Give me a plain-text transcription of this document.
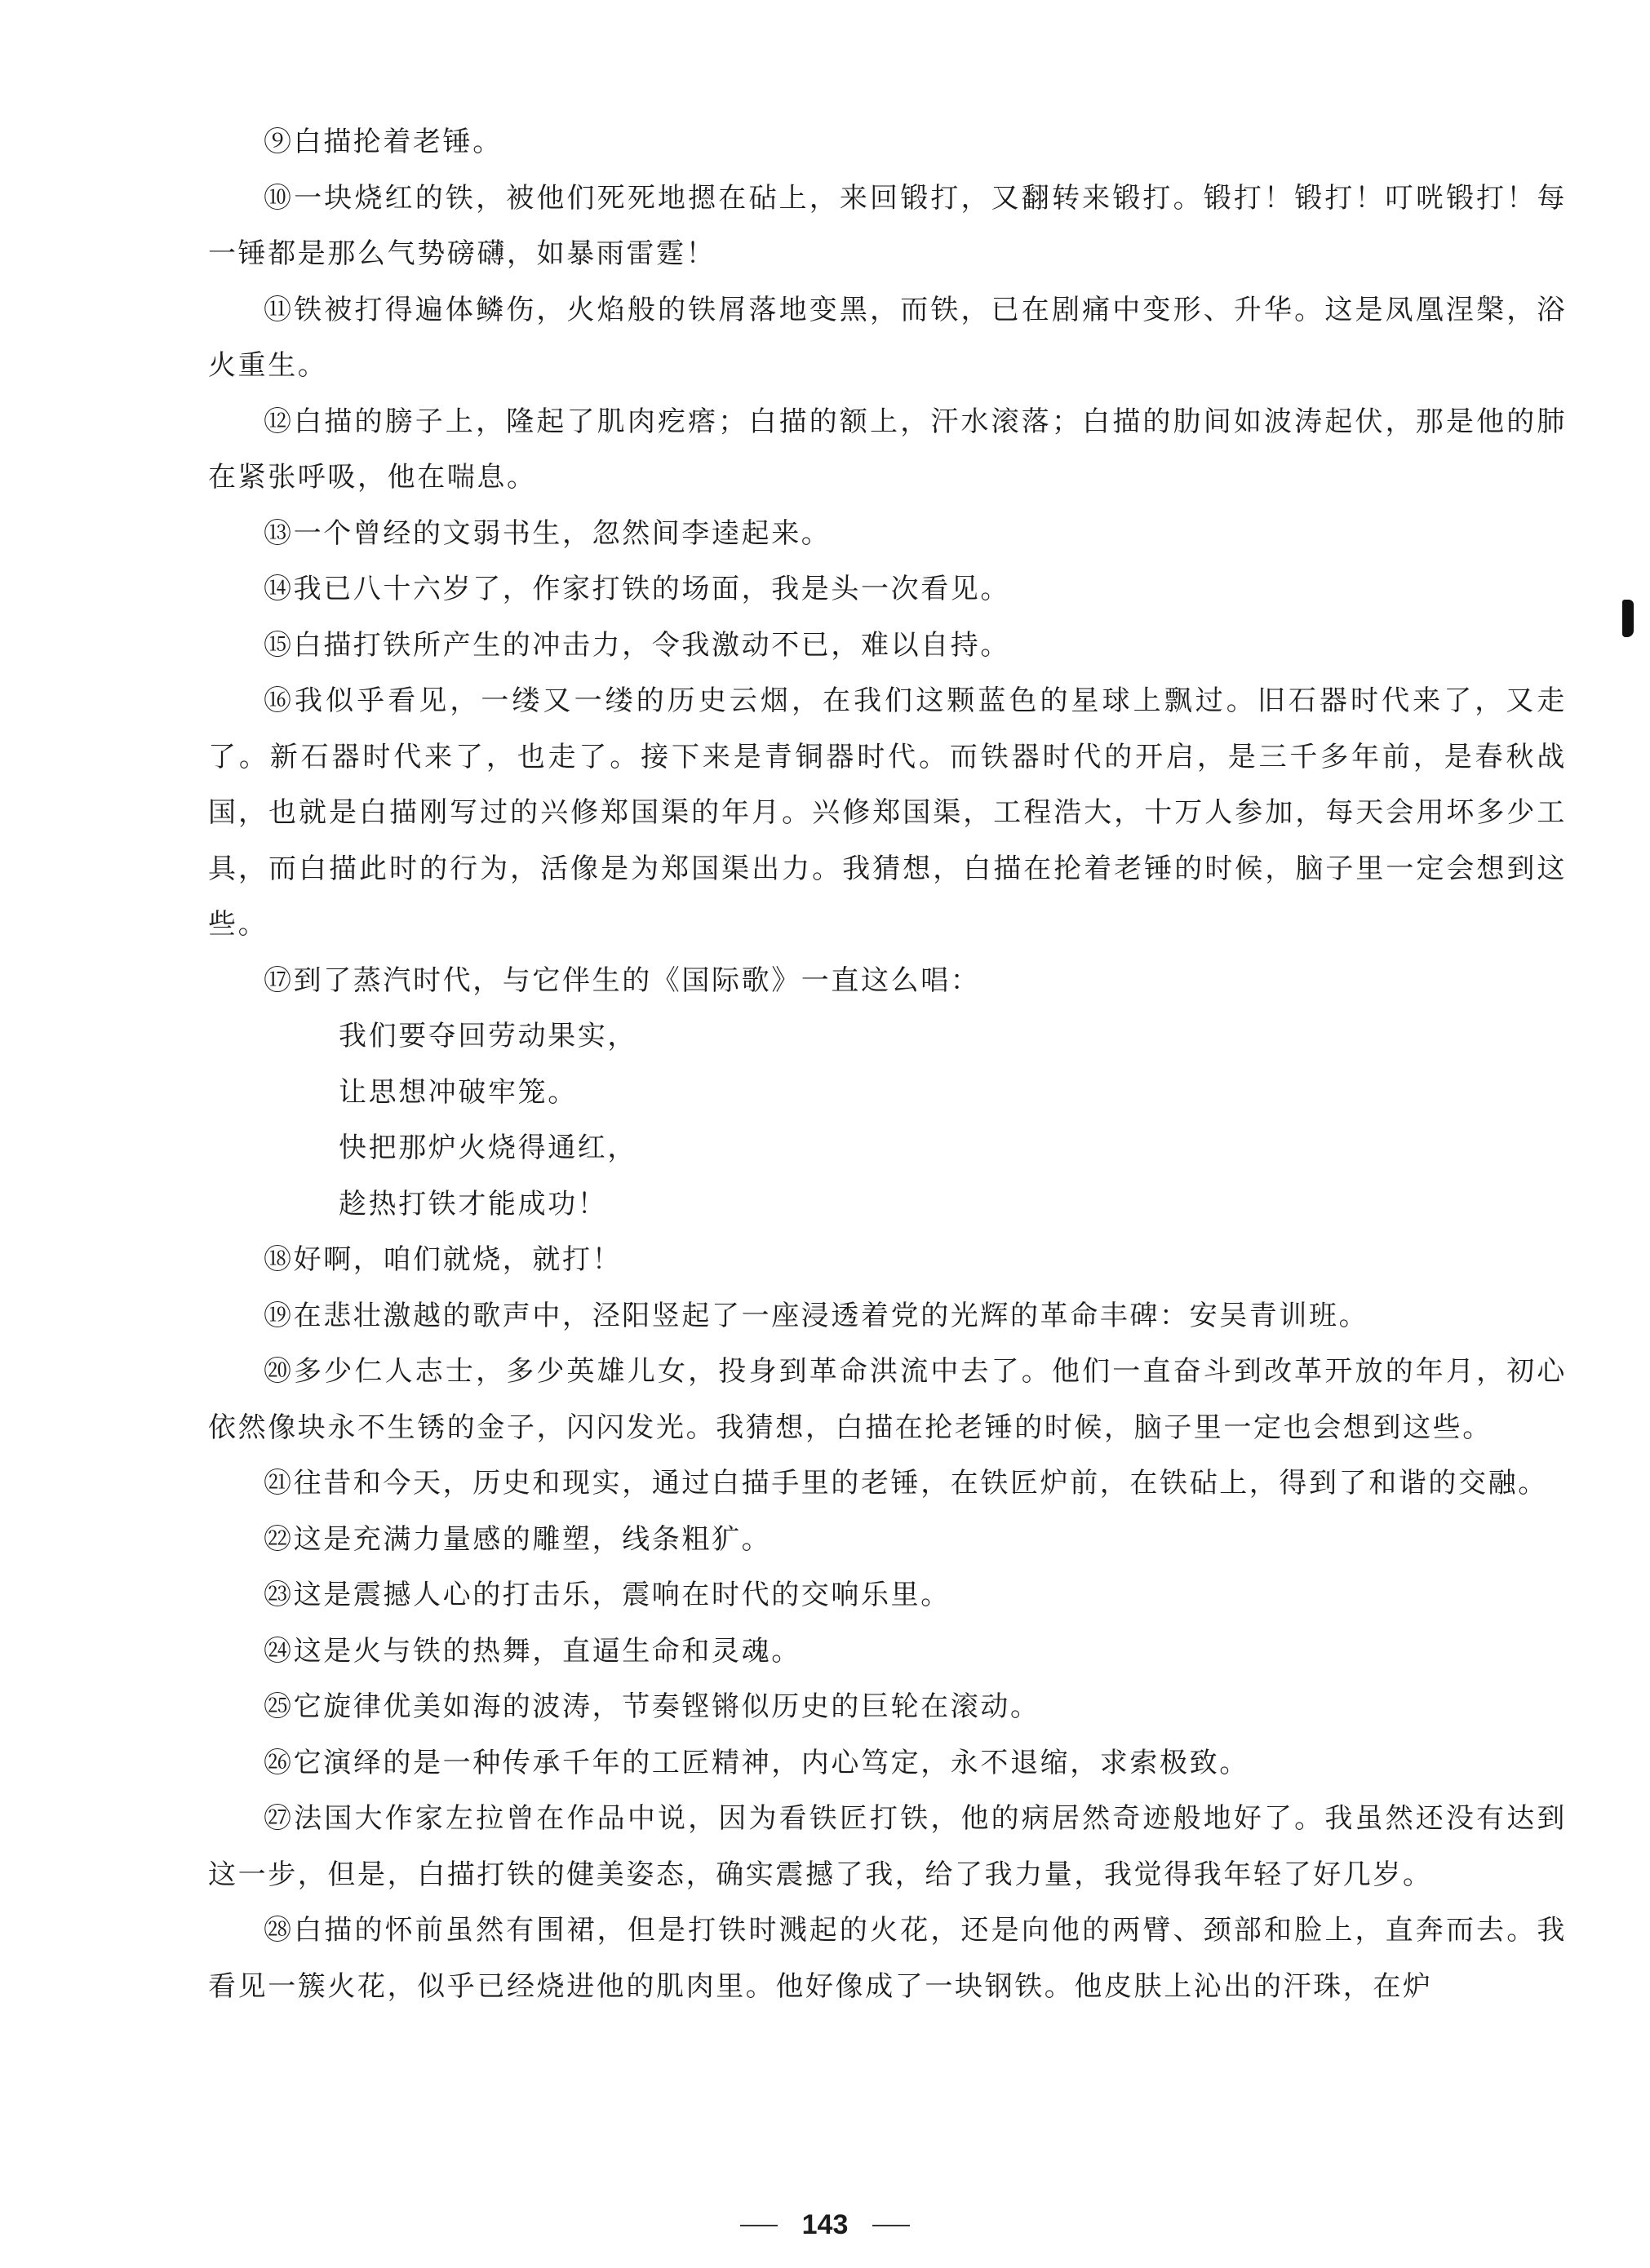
⑨白描抡着老锤。

⑩一块烧红的铁，被他们死死地摁在砧上，来回锻打，又翻转来锻打。锻打！锻打！叮咣锻打！每一锤都是那么气势磅礴，如暴雨雷霆！

⑪铁被打得遍体鳞伤，火焰般的铁屑落地变黑，而铁，已在剧痛中变形、升华。这是凤凰涅槃，浴火重生。

⑫白描的膀子上，隆起了肌肉疙瘩；白描的额上，汗水滚落；白描的肋间如波涛起伏，那是他的肺在紧张呼吸，他在喘息。

⑬一个曾经的文弱书生，忽然间李逵起来。

⑭我已八十六岁了，作家打铁的场面，我是头一次看见。

⑮白描打铁所产生的冲击力，令我激动不已，难以自持。

⑯我似乎看见，一缕又一缕的历史云烟，在我们这颗蓝色的星球上飘过。旧石器时代来了，又走了。新石器时代来了，也走了。接下来是青铜器时代。而铁器时代的开启，是三千多年前，是春秋战国，也就是白描刚写过的兴修郑国渠的年月。兴修郑国渠，工程浩大，十万人参加，每天会用坏多少工具，而白描此时的行为，活像是为郑国渠出力。我猜想，白描在抡着老锤的时候，脑子里一定会想到这些。

⑰到了蒸汽时代，与它伴生的《国际歌》一直这么唱：

我们要夺回劳动果实，

让思想冲破牢笼。

快把那炉火烧得通红，

趁热打铁才能成功！

⑱好啊，咱们就烧，就打！

⑲在悲壮激越的歌声中，泾阳竖起了一座浸透着党的光辉的革命丰碑：安吴青训班。

⑳多少仁人志士，多少英雄儿女，投身到革命洪流中去了。他们一直奋斗到改革开放的年月，初心依然像块永不生锈的金子，闪闪发光。我猜想，白描在抡老锤的时候，脑子里一定也会想到这些。

㉑往昔和今天，历史和现实，通过白描手里的老锤，在铁匠炉前，在铁砧上，得到了和谐的交融。

㉒这是充满力量感的雕塑，线条粗犷。

㉓这是震撼人心的打击乐，震响在时代的交响乐里。

㉔这是火与铁的热舞，直逼生命和灵魂。

㉕它旋律优美如海的波涛，节奏铿锵似历史的巨轮在滚动。

㉖它演绎的是一种传承千年的工匠精神，内心笃定，永不退缩，求索极致。

㉗法国大作家左拉曾在作品中说，因为看铁匠打铁，他的病居然奇迹般地好了。我虽然还没有达到这一步，但是，白描打铁的健美姿态，确实震撼了我，给了我力量，我觉得我年轻了好几岁。

㉘白描的怀前虽然有围裙，但是打铁时溅起的火花，还是向他的两臂、颈部和脸上，直奔而去。我看见一簇火花，似乎已经烧进他的肌肉里。他好像成了一块钢铁。他皮肤上沁出的汗珠，在炉

143
